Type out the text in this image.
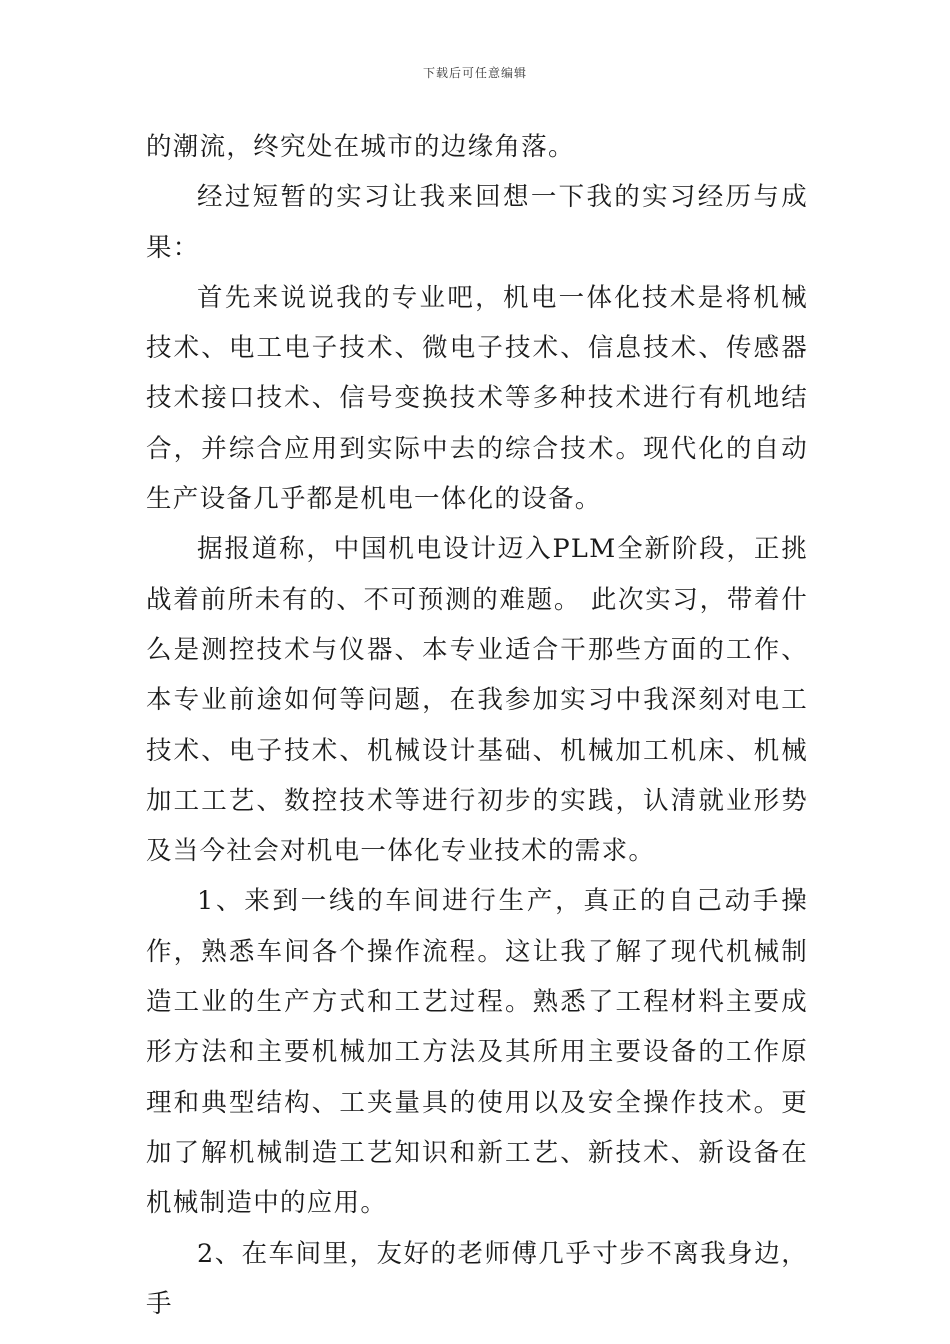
下载后可任意编辑

的潮流，终究处在城市的边缘角落。

经过短暂的实习让我来回想一下我的实习经历与成果：

首先来说说我的专业吧，机电一体化技术是将机械技术、电工电子技术、微电子技术、信息技术、传感器技术接口技术、信号变换技术等多种技术进行有机地结合，并综合应用到实际中去的综合技术。现代化的自动生产设备几乎都是机电一体化的设备。

据报道称，中国机电设计迈入PLM全新阶段，正挑战着前所未有的、不可预测的难题。 此次实习，带着什么是测控技术与仪器、本专业适合干那些方面的工作、本专业前途如何等问题，在我参加实习中我深刻对电工技术、电子技术、机械设计基础、机械加工机床、机械加工工艺、数控技术等进行初步的实践，认清就业形势及当今社会对机电一体化专业技术的需求。

1、来到一线的车间进行生产，真正的自己动手操作，熟悉车间各个操作流程。这让我了解了现代机械制造工业的生产方式和工艺过程。熟悉了工程材料主要成形方法和主要机械加工方法及其所用主要设备的工作原理和典型结构、工夹量具的使用以及安全操作技术。更加了解机械制造工艺知识和新工艺、新技术、新设备在机械制造中的应用。

2、在车间里，友好的老师傅几乎寸步不离我身边，手
